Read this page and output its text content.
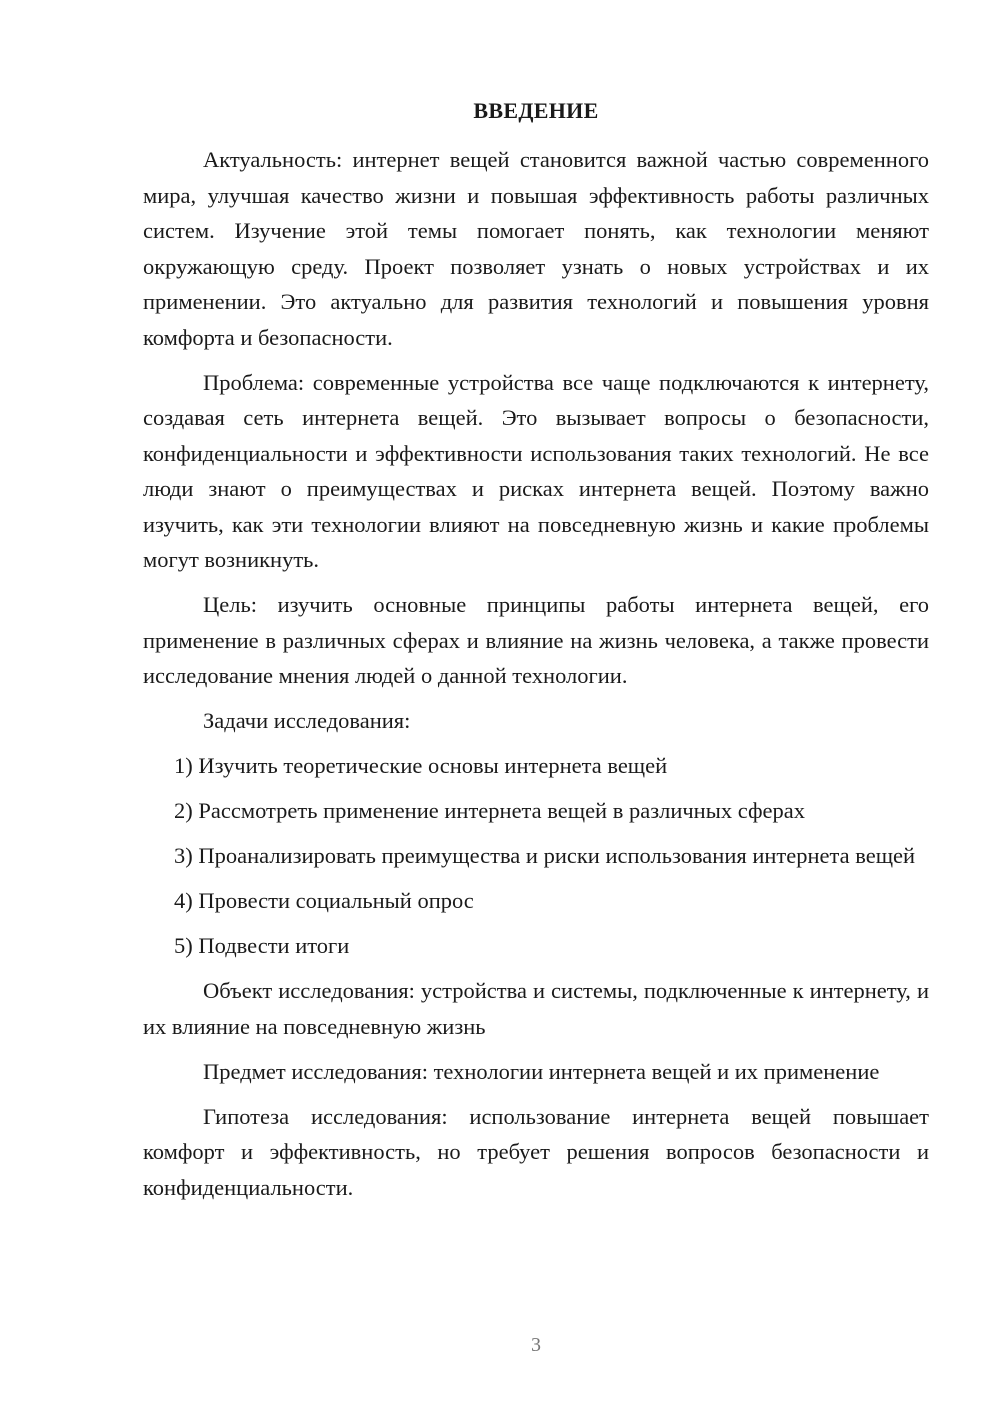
ВВЕДЕНИЕ

Актуальность: интернет вещей становится важной частью современного мира, улучшая качество жизни и повышая эффективность работы различных систем. Изучение этой темы помогает понять, как технологии меняют окружающую среду. Проект позволяет узнать о новых устройствах и их применении. Это актуально для развития технологий и повышения уровня комфорта и безопасности.

Проблема: современные устройства все чаще подключаются к интернету, создавая сеть интернета вещей. Это вызывает вопросы о безопасности, конфиденциальности и эффективности использования таких технологий. Не все люди знают о преимуществах и рисках интернета вещей. Поэтому важно изучить, как эти технологии влияют на повседневную жизнь и какие проблемы могут возникнуть.

Цель: изучить основные принципы работы интернета вещей, его применение в различных сферах и влияние на жизнь человека, а также провести исследование мнения людей о данной технологии.

Задачи исследования:

1) Изучить теоретические основы интернета вещей

2) Рассмотреть применение интернета вещей в различных сферах

3) Проанализировать преимущества и риски использования интернета вещей

4) Провести социальный опрос

5) Подвести итоги

Объект исследования: устройства и системы, подключенные к интернету, и их влияние на повседневную жизнь

Предмет исследования: технологии интернета вещей и их применение

Гипотеза исследования: использование интернета вещей повышает комфорт и эффективность, но требует решения вопросов безопасности и конфиденциальности.

3
